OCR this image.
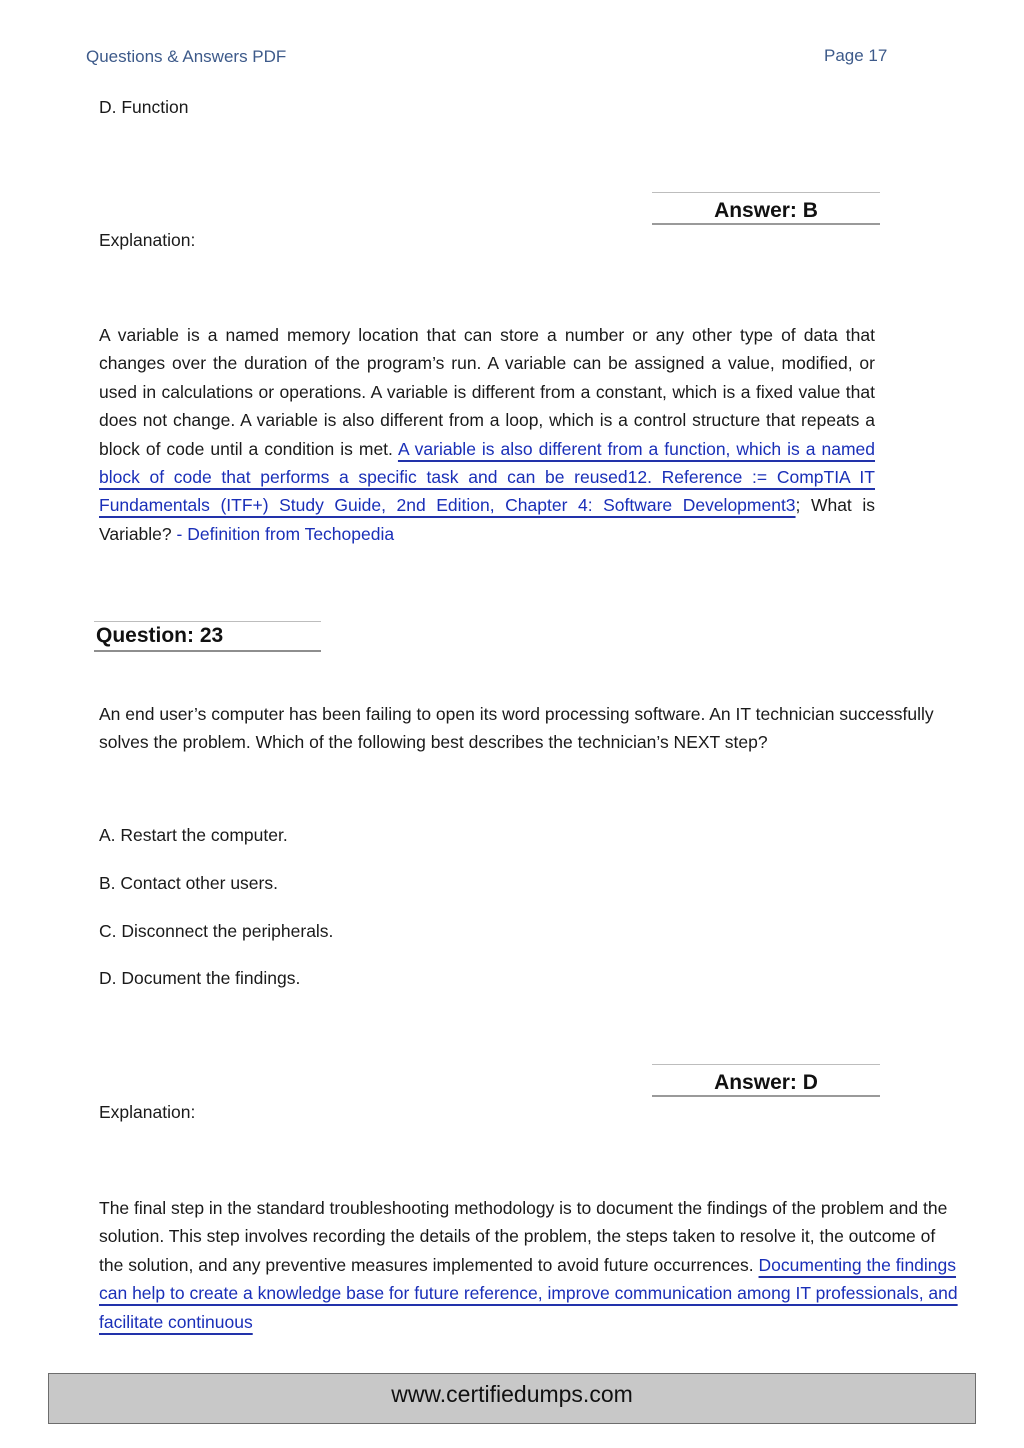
Questions & Answers PDF	Page 17
D. Function
Answer: B
Explanation:
A variable is a named memory location that can store a number or any other type of data that changes over the duration of the program’s run. A variable can be assigned a value, modified, or used in calculations or operations. A variable is different from a constant, which is a fixed value that does not change. A variable is also different from a loop, which is a control structure that repeats a block of code until a condition is met. A variable is also different from a function, which is a named block of code that performs a specific task and can be reused12. Reference := CompTIA IT Fundamentals (ITF+) Study Guide, 2nd Edition, Chapter 4: Software Development3; What is Variable? - Definition from Techopedia
Question: 23
An end user’s computer has been failing to open its word processing software. An IT technician successfully solves the problem. Which of the following best describes the technician’s NEXT step?
A. Restart the computer.
B. Contact other users.
C. Disconnect the peripherals.
D. Document the findings.
Answer: D
Explanation:
The final step in the standard troubleshooting methodology is to document the findings of the problem and the solution. This step involves recording the details of the problem, the steps taken to resolve it, the outcome of the solution, and any preventive measures implemented to avoid future occurrences. Documenting the findings can help to create a knowledge base for future reference, improve communication among IT professionals, and facilitate continuous
www.certifiedumps.com
